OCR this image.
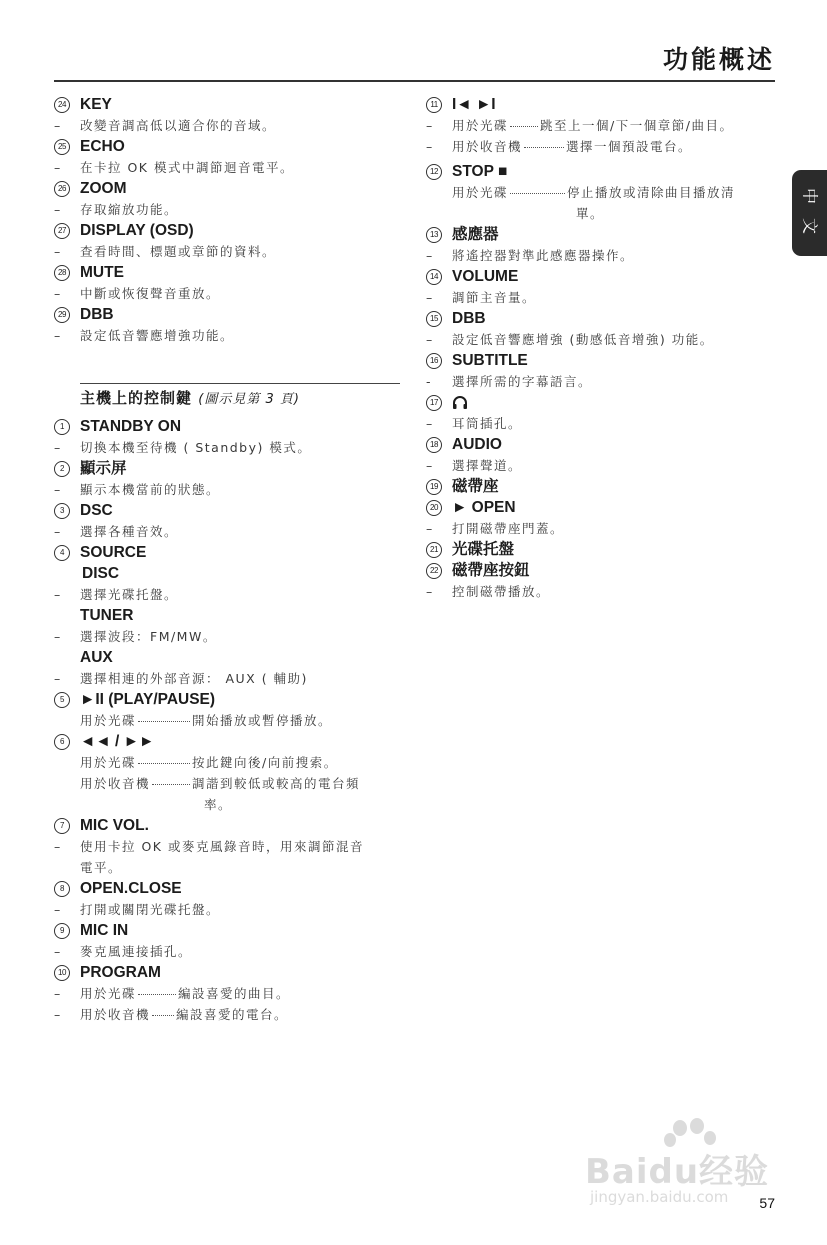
功能概述
中
文
24 KEY
– 改變音調高低以適合你的音域。
25 ECHO
– 在卡拉 OK 模式中調節迴音電平。
26 ZOOM
– 存取縮放功能。
27 DISPLAY (OSD)
– 查看時間、標題或章節的資料。
28 MUTE
– 中斷或恢復聲音重放。
29 DBB
– 設定低音響應增強功能。
主機上的控制鍵 (圖示見第 3 頁)
1	STANDBY ON
– 切換本機至待機 ( Standby) 模式。
2	顯示屏
– 顯示本機當前的狀態。
3	DSC
– 選擇各種音效。
4	SOURCE
DISC
– 選擇光碟托盤。
TUNER
– 選擇波段：FM/MW。
AUX
– 選擇相連的外部音源： AUX ( 輔助)
5	►II (PLAY/PAUSE)
用於光碟	開始播放或暫停播放。
6	◄◄ / ►►
用於光碟	按此鍵向後/向前搜索。
用於收音機	調諧到較低或較高的電台頻
率。
7	MIC VOL.
– 使用卡拉 OK 或麥克風錄音時，用來調節混音
電平。
8	OPEN.CLOSE
– 打開或關閉光碟托盤。
9	MIC IN
– 麥克風連接插孔。
10 PROGRAM
– 用於光碟	編設喜愛的曲目。
– 用於收音機 編設喜愛的電台。
11 I◄ ►I
– 用於光碟	跳至上一個/下一個章節/曲目。
– 用於收音機	選擇一個預設電台。
12 STOP ■
用於光碟	停止播放或清除曲目播放清
單。
13 感應器
– 將遙控器對準此感應器操作。
14 VOLUME
– 調節主音量。
15 DBB
– 設定低音響應增強 (動感低音增強) 功能。
16 SUBTITLE
- 選擇所需的字幕語言。
17
– 耳筒插孔。
18 AUDIO
– 選擇聲道。
19 磁帶座
20 ► OPEN
– 打開磁帶座門蓋。
21 光碟托盤
22 磁帶座按鈕
– 控制磁帶播放。
Baidu经验
jingyan.baidu.com 57
